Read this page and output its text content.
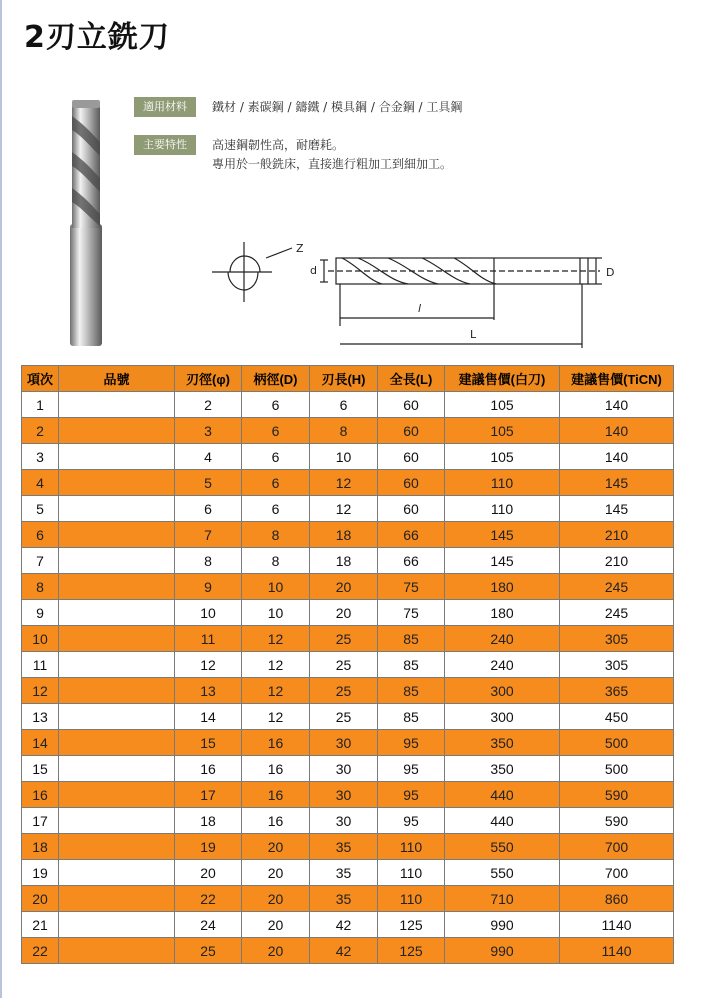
2刃立銑刀
適用材料	鐵材 / 素碳鋼 / 鑄鐵 / 模具鋼 / 合金鋼 / 工具鋼
主要特性	高速鋼韌性高，耐磨耗。
專用於一般銑床，直接進行粗加工到細加工。
Z
d	D
l
L
項次	品號	刃徑(φ)	柄徑(D)	刃長(H)	全長(L)	建議售價(白刀)	建議售價(TiCN)
1		2	6	6	60	105	140
2		3	6	8	60	105	140
3		4	6	10	60	105	140
4		5	6	12	60	110	145
5		6	6	12	60	110	145
6		7	8	18	66	145	210
7		8	8	18	66	145	210
8		9	10	20	75	180	245
9		10	10	20	75	180	245
10		11	12	25	85	240	305
11		12	12	25	85	240	305
12		13	12	25	85	300	365
13		14	12	25	85	300	450
14		15	16	30	95	350	500
15		16	16	30	95	350	500
16		17	16	30	95	440	590
17		18	16	30	95	440	590
18		19	20	35	110	550	700
19		20	20	35	110	550	700
20		22	20	35	110	710	860
21		24	20	42	125	990	1140
22		25	20	42	125	990	1140
